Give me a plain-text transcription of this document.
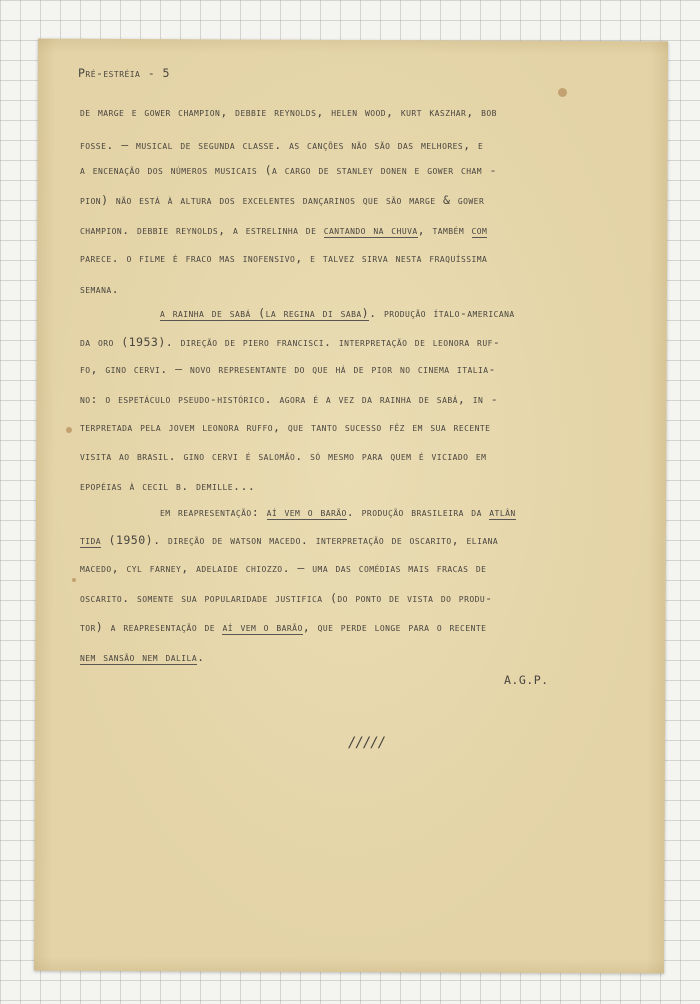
Pré-estréia - 5
de marge e gower champion, debbie reynolds, helen wood, kurt kaszhar, bob
fosse. — musical de segunda classe. as canções não são das melhores, e
a encenação dos números musicais (a cargo de stanley donen e gower cham -
pion) não está à altura dos excelentes dançarinos que são marge & gower
champion. debbie reynolds, a estrelinha de cantando na chuva, também com
parece. o filme é fraco mas inofensivo, e talvez sirva nesta fraquíssima
semana.
a rainha de sabá (la regina di saba). produção ítalo-americana
da oro (1953). direção de piero francisci. interpretação de leonora ruf-
fo, gino cervi. — novo representante do que há de pior no cinema italia-
no: o espetáculo pseudo-histórico. agora é a vez da rainha de sabá, in -
terpretada pela jovem leonora ruffo, que tanto sucesso fêz em sua recente
visita ao brasil. gino cervi é salomão. só mesmo para quem é viciado em
epopéias à cecil b. demille...
em reapresentação: aí vem o barão. produção brasileira da atlân
tida (1950). direção de watson macedo. interpretação de oscarito, eliana
macedo, cyl farney, adelaide chiozzo. — uma das comédias mais fracas de
oscarito. somente sua popularidade justifica (do ponto de vista do produ-
tor) a reapresentação de aí vem o barão, que perde longe para o recente
nem sansão nem dalila.
A.G.P.
/////
